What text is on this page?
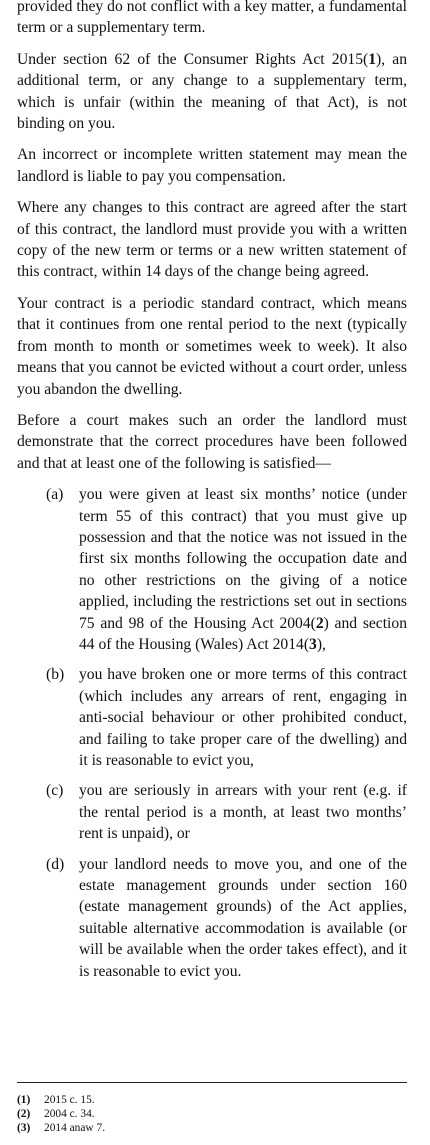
provided they do not conflict with a key matter, a fundamental term or a supplementary term.

Under section 62 of the Consumer Rights Act 2015(1), an additional term, or any change to a supplementary term, which is unfair (within the meaning of that Act), is not binding on you.

An incorrect or incomplete written statement may mean the landlord is liable to pay you compensation.

Where any changes to this contract are agreed after the start of this contract, the landlord must provide you with a written copy of the new term or terms or a new written statement of this contract, within 14 days of the change being agreed.

Your contract is a periodic standard contract, which means that it continues from one rental period to the next (typically from month to month or sometimes week to week). It also means that you cannot be evicted without a court order, unless you abandon the dwelling.

Before a court makes such an order the landlord must demonstrate that the correct procedures have been followed and that at least one of the following is satisfied—

(a)	you were given at least six months’ notice (under term 55 of this contract) that you must give up possession and that the notice was not issued in the first six months following the occupation date and no other restrictions on the giving of a notice applied, including the restrictions set out in sections 75 and 98 of the Housing Act 2004(2) and section 44 of the Housing (Wales) Act 2014(3),
(b) you have broken one or more terms of this contract (which includes any arrears of rent, engaging in anti-social behaviour or other prohibited conduct, and failing to take proper care of the dwelling) and it is reasonable to evict you,
(c)	you are seriously in arrears with your rent (e.g. if the rental period is a month, at least two months’ rent is unpaid), or
(d) your landlord needs to move you, and one of the estate management grounds under section 160 (estate management grounds) of the Act applies, suitable alternative accommodation is available (or will be available when the order takes effect), and it is reasonable to evict you.
(1)	2015 c. 15.
(2)	2004 c. 34.
(3)	2014 anaw 7.
